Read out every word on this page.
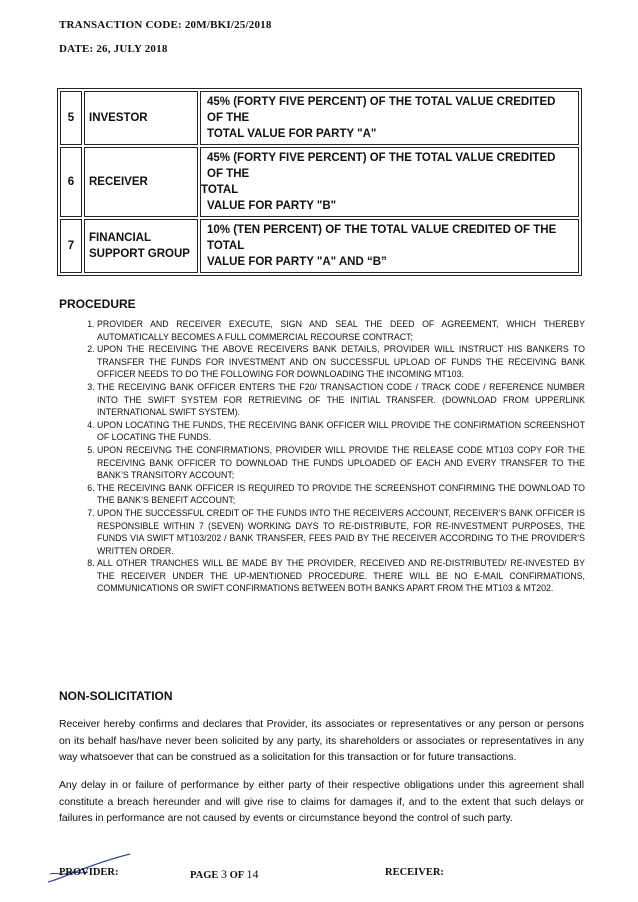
TRANSACTION CODE: 20M/BKI/25/2018
DATE: 26, JULY 2018
5	INVESTOR	45% (FORTY FIVE PERCENT) OF THE TOTAL VALUE CREDITED OF THE
TOTAL VALUE FOR PARTY "A"

6	RECEIVER	45% (FORTY FIVE PERCENT) OF THE TOTAL VALUE CREDITED OF THE
TOTAL
VALUE FOR PARTY "B"

7	FINANCIAL SUPPORT GROUP	10% (TEN PERCENT) OF THE TOTAL VALUE CREDITED OF THE TOTAL
VALUE FOR PARTY "A" AND “B”
PROCEDURE
1. PROVIDER AND RECEIVER EXECUTE, SIGN AND SEAL THE DEED OF AGREEMENT, WHICH THEREBY AUTOMATICALLY BECOMES A FULL COMMERCIAL RECOURSE CONTRACT;
2. UPON THE RECEIVING THE ABOVE RECEIVERS BANK DETAILS, PROVIDER WILL INSTRUCT HIS BANKERS TO TRANSFER THE FUNDS FOR INVESTMENT AND ON SUCCESSFUL UPLOAD OF FUNDS THE RECEIVING BANK OFFICER NEEDS TO DO THE FOLLOWING FOR DOWNLOADING THE INCOMING MT103.
3. THE RECEIVING BANK OFFICER ENTERS THE F20/ TRANSACTION CODE / TRACK CODE / REFERENCE NUMBER INTO THE SWIFT SYSTEM FOR RETRIEVING OF THE INITIAL TRANSFER. (DOWNLOAD FROM UPPERLINK INTERNATIONAL SWIFT SYSTEM).
4. UPON LOCATING THE FUNDS, THE RECEIVING BANK OFFICER WILL PROVIDE THE CONFIRMATION SCREENSHOT OF LOCATING THE FUNDS.
5. UPON RECEIVNG THE CONFIRMATIONS, PROVIDER WILL PROVIDE THE RELEASE CODE MT103 COPY FOR THE RECEIVING BANK OFFICER TO DOWNLOAD THE FUNDS UPLOADED OF EACH AND EVERY TRANSFER TO THE BANK’S TRANSITORY ACCOUNT;
6. THE RECEIVING BANK OFFICER IS REQUIRED TO PROVIDE THE SCREENSHOT CONFIRMING THE DOWNLOAD TO THE BANK’S BENEFIT ACCOUNT;
7. UPON THE SUCCESSFUL CREDIT OF THE FUNDS INTO THE RECEIVERS ACCOUNT, RECEIVER’S BANK OFFICER IS RESPONSIBLE WITHIN 7 (SEVEN) WORKING DAYS TO RE-DISTRIBUTE, FOR RE-INVESTMENT PURPOSES, THE FUNDS VIA SWIFT MT103/202 / BANK TRANSFER, FEES PAID BY THE RECEIVER ACCORDING TO THE PROVIDER’S WRITTEN ORDER.
8. ALL OTHER TRANCHES WILL BE MADE BY THE PROVIDER, RECEIVED AND RE-DISTRIBUTED/ RE-INVESTED BY THE RECEIVER UNDER THE UP-MENTIONED PROCEDURE. THERE WILL BE NO E-MAIL CONFIRMATIONS, COMMUNICATIONS OR SWIFT CONFIRMATIONS BETWEEN BOTH BANKS APART FROM THE MT103 & MT202.
NON-SOLICITATION

Receiver hereby confirms and declares that Provider, its associates or representatives or any person or persons on its behalf has/have never been solicited by any party, its shareholders or associates or representatives in any way whatsoever that can be construed as a solicitation for this transaction or for future transactions.

Any delay in or failure of performance by either party of their respective obligations under this agreement shall constitute a breach hereunder and will give rise to claims for damages if, and to the extent that such delays or failures in performance are not caused by events or circumstance beyond the control of such party.

PROVIDER:	PAGE 3 OF 14	RECEIVER:
